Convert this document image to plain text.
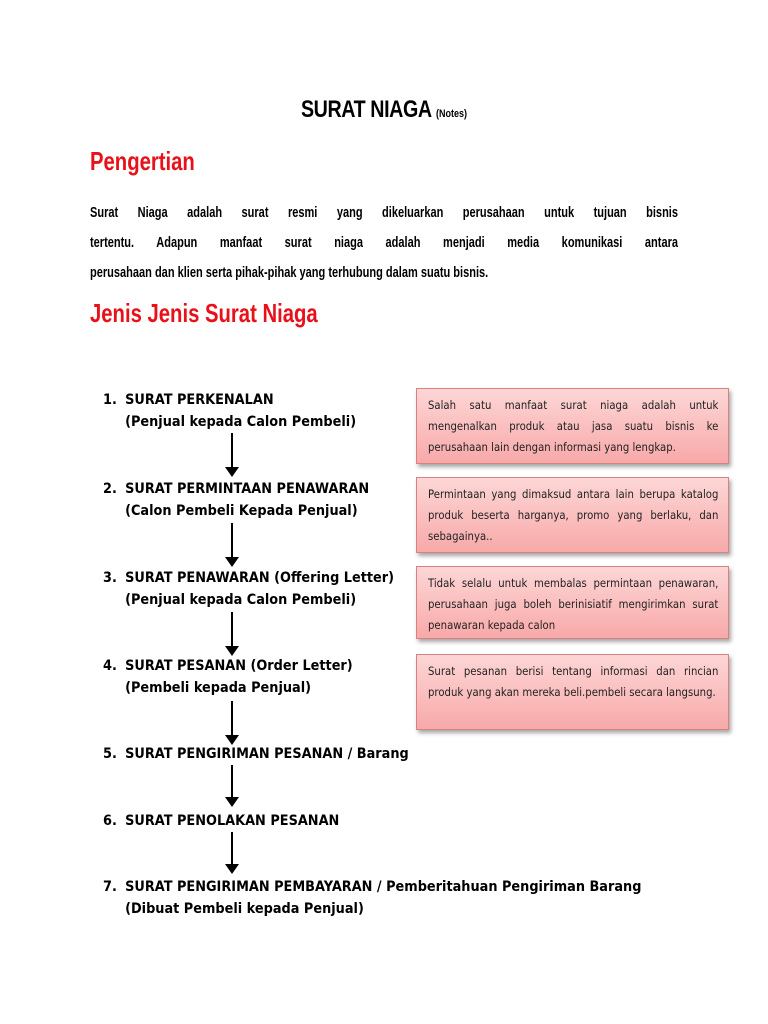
SURAT NIAGA (Notes)
Pengertian
Surat Niaga adalah surat resmi yang dikeluarkan perusahaan untuk tujuan bisnis
tertentu. Adapun manfaat surat niaga adalah menjadi media komunikasi antara
perusahaan dan klien serta pihak-pihak yang terhubung dalam suatu bisnis.
Jenis Jenis Surat Niaga
1. SURAT PERKENALAN
(Penjual kepada Calon Pembeli)
2. SURAT PERMINTAAN PENAWARAN
(Calon Pembeli Kepada Penjual)
3. SURAT PENAWARAN (Offering Letter)
(Penjual kepada Calon Pembeli)
4. SURAT PESANAN (Order Letter)
(Pembeli kepada Penjual)
5. SURAT PENGIRIMAN PESANAN / Barang
6. SURAT PENOLAKAN PESANAN
7. SURAT PENGIRIMAN PEMBAYARAN / Pemberitahuan Pengiriman Barang
(Dibuat Pembeli kepada Penjual)
Salah satu manfaat surat niaga adalah untuk mengenalkan produk atau jasa suatu bisnis ke perusahaan lain dengan informasi yang lengkap.
Permintaan yang dimaksud antara lain berupa katalog produk beserta harganya, promo yang berlaku, dan sebagainya..
Tidak selalu untuk membalas permintaan penawaran, perusahaan juga boleh berinisiatif mengirimkan surat penawaran kepada calon
Surat pesanan berisi tentang informasi dan rincian produk yang akan mereka beli.pembeli secara langsung.
